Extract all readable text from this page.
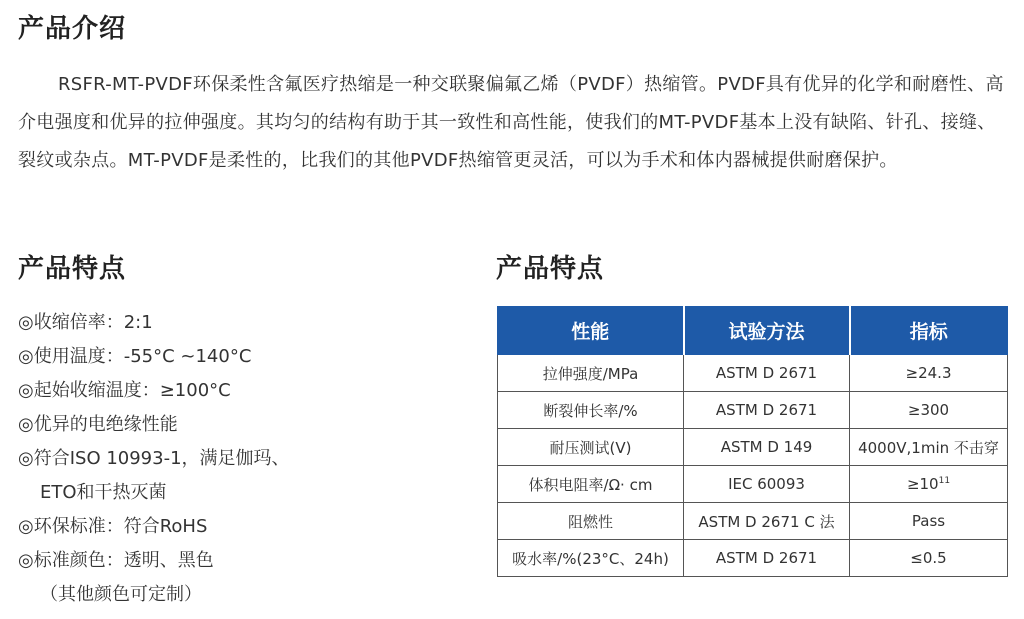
产品介绍

RSFR-MT-PVDF环保柔性含氟医疗热缩是一种交联聚偏氟乙烯（PVDF）热缩管。PVDF具有优异的化学和耐磨性、高介电强度和优异的拉伸强度。其均匀的结构有助于其一致性和高性能，使我们的MT-PVDF基本上没有缺陷、针孔、接缝、裂纹或杂点。MT-PVDF是柔性的，比我们的其他PVDF热缩管更灵活，可以为手术和体内器械提供耐磨保护。

产品特点
◎收缩倍率：2:1
◎使用温度：-55°C ~140°C
◎起始收缩温度：≥100°C
◎优异的电绝缘性能
◎符合ISO 10993-1，满足伽玛、
ETO和干热灭菌
◎环保标准：符合RoHS
◎标准颜色：透明、黑色
（其他颜色可定制）
产品特点
性能	试验方法	指标
拉伸强度/MPa	ASTM D 2671	≥24.3
断裂伸长率/%	ASTM D 2671	≥300
耐压测试(V)	ASTM D 149	4000V,1min 不击穿
体积电阻率/Ω· cm	IEC 60093	$\ge 10^{11}$
阻燃性	ASTM D 2671 C 法	Pass
吸水率/%(23°C、24h)	ASTM D 2671	≤0.5
